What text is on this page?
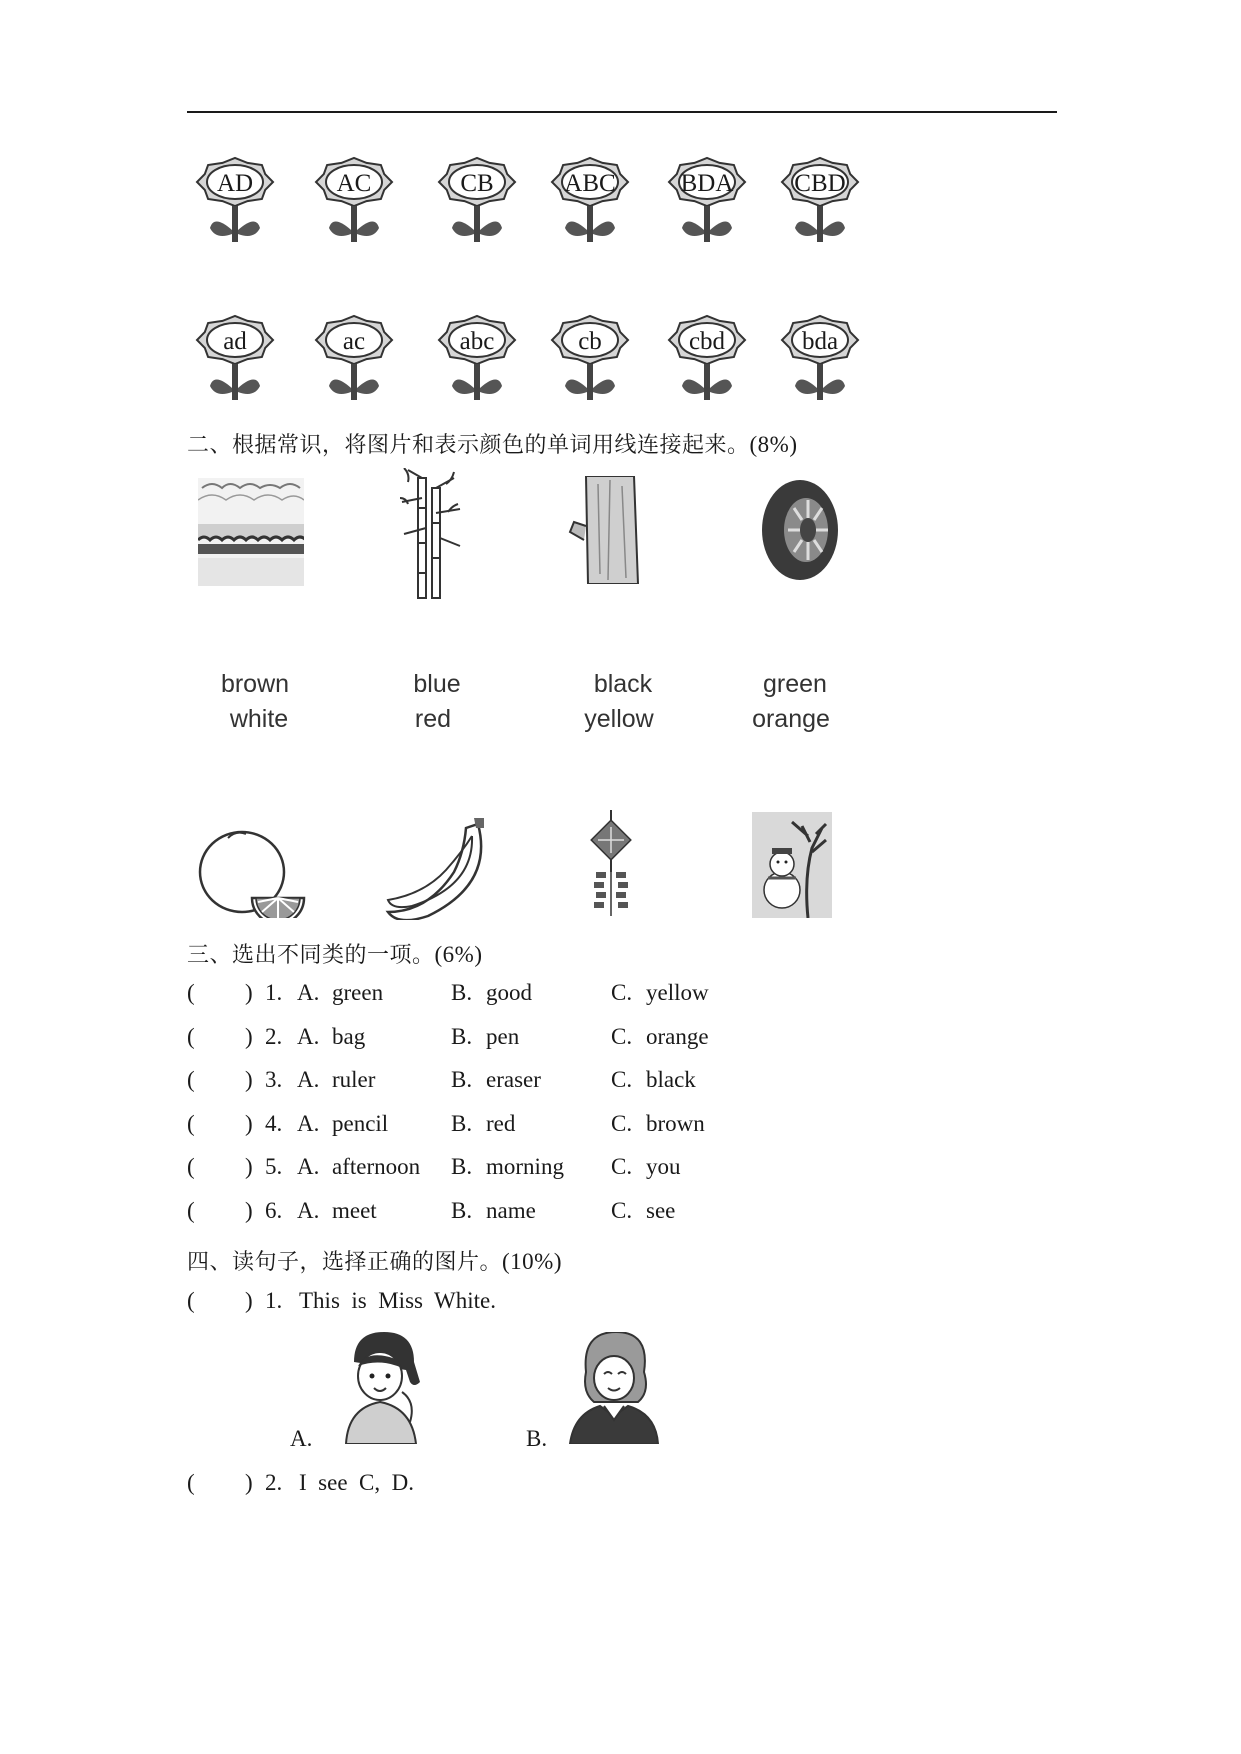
AD	AC	CB	ABC	BDA	CBD
ad	ac	abc	cb	cbd	bda
二、根据常识，将图片和表示颜色的单词用线连接起来。(8%)
brown	blue	black	green
white	red	yellow	orange
三、选出不同类的一项。(6%)
( ) 1. A. green	B. good	C. yellow
( ) 2. A. bag	B. pen	C. orange
( ) 3. A. ruler	B. eraser	C. black
( ) 4. A. pencil	B. red	C. brown
( ) 5. A. afternoon B. morning C. you
( ) 6. A. meet	B. name	C. see
四、读句子，选择正确的图片。(10%)
( ) 1. This  is  Miss  White.
A.	B.
( ) 2. I  see  C,  D.
